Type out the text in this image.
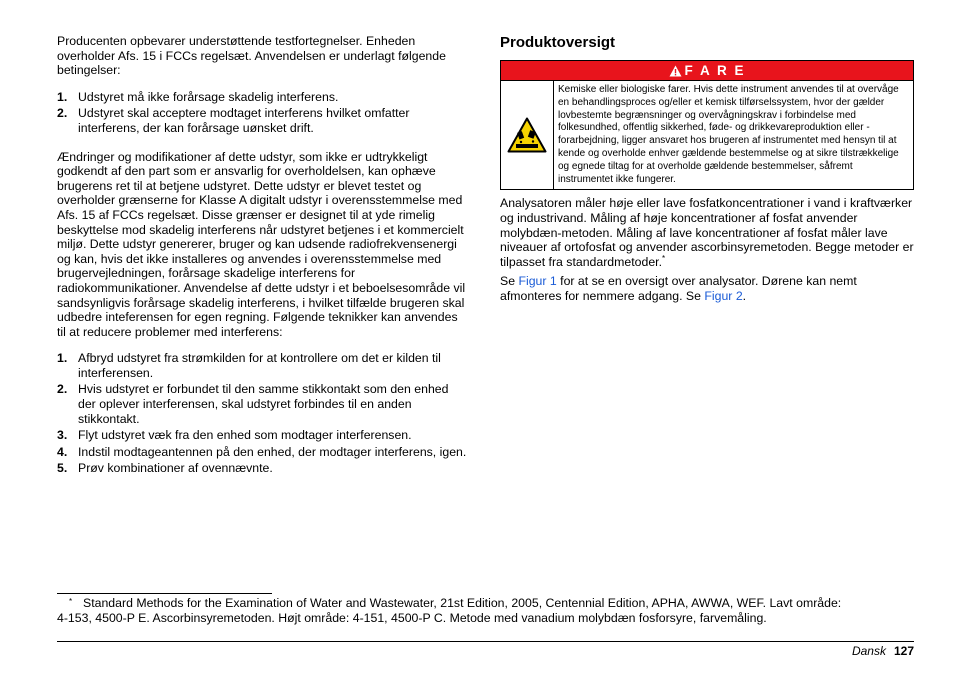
Producenten opbevarer understøttende testfortegnelser. Enheden overholder Afs. 15 i FCCs regelsæt. Anvendelsen er underlagt følgende betingelser:

1. Udstyret må ikke forårsage skadelig interferens.
2. Udstyret skal acceptere modtaget interferens hvilket omfatter interferens, der kan forårsage uønsket drift.

Ændringer og modifikationer af dette udstyr, som ikke er udtrykkeligt godkendt af den part som er ansvarlig for overholdelsen, kan ophæve brugerens ret til at betjene udstyret. Dette udstyr er blevet testet og overholder grænserne for Klasse A digitalt udstyr i overensstemmelse med Afs. 15 af FCCs regelsæt. Disse grænser er designet til at yde rimelig beskyttelse mod skadelig interferens når udstyret betjenes i et kommercielt miljø. Dette udstyr genererer, bruger og kan udsende radiofrekvensenergi og kan, hvis det ikke installeres og anvendes i overensstemmelse med brugervejledningen, forårsage skadelige interferens for radiokommunikationer. Anvendelse af dette udstyr i et beboelsesområde vil sandsynligvis forårsage skadelig interferens, i hvilket tilfælde brugeren skal udbedre inteferensen for egen regning. Følgende teknikker kan anvendes til at reducere problemer med interferens:

1. Afbryd udstyret fra strømkilden for at kontrollere om det er kilden til interferensen.
2. Hvis udstyret er forbundet til den samme stikkontakt som den enhed der oplever interferensen, skal udstyret forbindes til en anden stikkontakt.
3. Flyt udstyret væk fra den enhed som modtager interferensen.
4. Indstil modtageantennen på den enhed, der modtager interferens, igen.
5. Prøv kombinationer af ovennævnte.
Produktoversigt
F A R E
Kemiske eller biologiske farer. Hvis dette instrument anvendes til at overvåge en behandlingsproces og/eller et kemisk tilførselssystem, hvor der gælder lovbestemte begrænsninger og overvågningskrav i forbindelse med folkesundhed, offentlig sikkerhed, føde- og drikkevareproduktion eller -forarbejdning, ligger ansvaret hos brugeren af instrumentet med hensyn til at kende og overholde enhver gældende bestemmelse og at sikre tilstrækkelige og egnede tiltag for at overholde gældende bestemmelser, såfremt instrumentet ikke fungerer.

Analysatoren måler høje eller lave fosfatkoncentrationer i vand i kraftværker og industrivand. Måling af høje koncentrationer af fosfat anvender molybdæn-metoden. Måling af lave koncentrationer af fosfat måler lave niveauer af ortofosfat og anvender ascorbinsyremetoden. Begge metoder er tilpasset fra standardmetoder.*

Se Figur 1 for at se en oversigt over analysator. Dørene kan nemt afmonteres for nemmere adgang. Se Figur 2.

* Standard Methods for the Examination of Water and Wastewater, 21st Edition, 2005, Centennial Edition, APHA, AWWA, WEF. Lavt område:
4-153, 4500-P E. Ascorbinsyremetoden. Højt område: 4-151, 4500-P C. Metode med vanadium molybdæn fosforsyre, farvemåling.
Dansk 127
